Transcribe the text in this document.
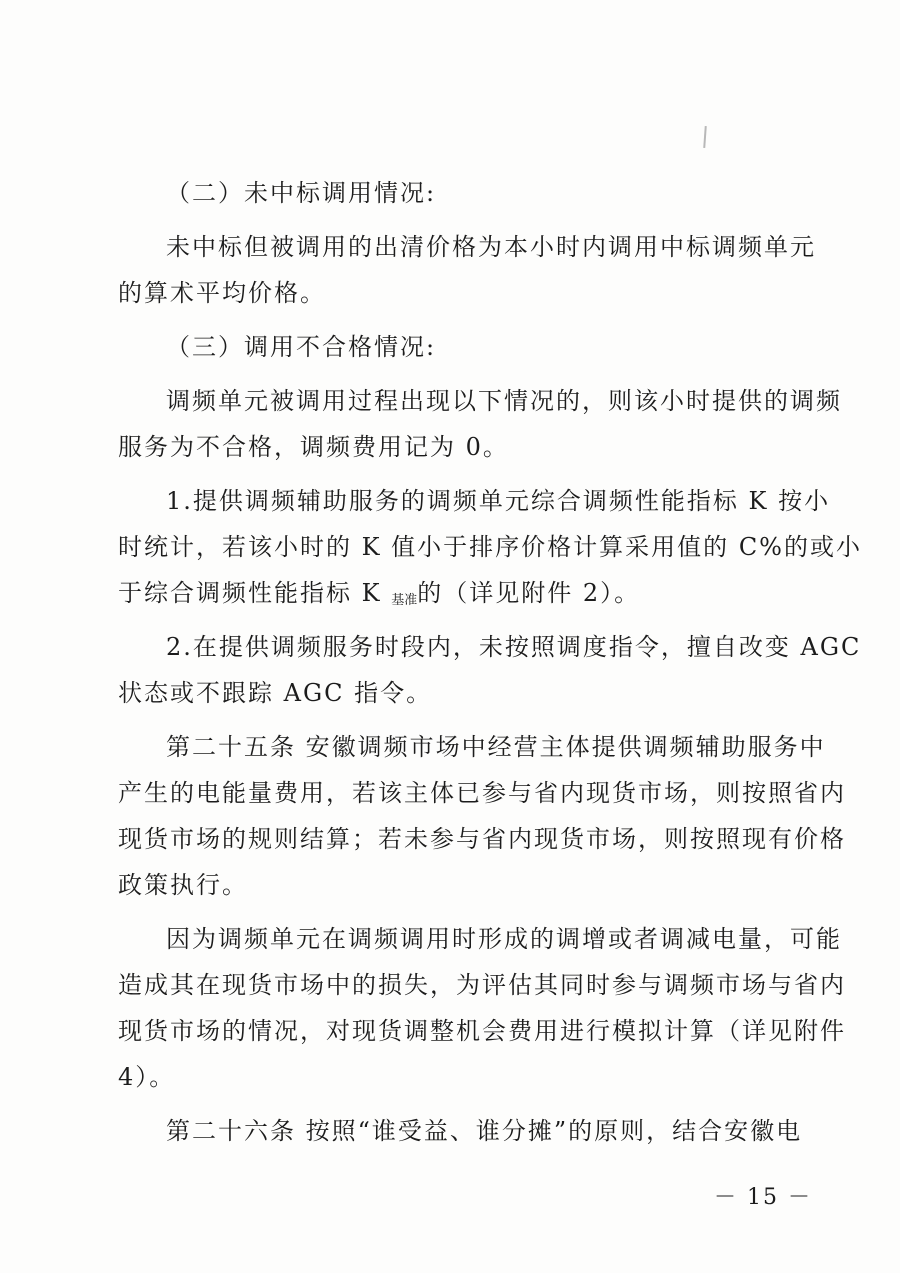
（二）未中标调用情况:
未中标但被调用的出清价格为本小时内调用中标调频单元
的算术平均价格。
（三）调用不合格情况:
调频单元被调用过程出现以下情况的，则该小时提供的调频
服务为不合格，调频费用记为 0。
1.提供调频辅助服务的调频单元综合调频性能指标 K 按小
时统计，若该小时的 K 值小于排序价格计算采用值的 C%的或小
于综合调频性能指标 K $_{基准}$的（详见附件 2）。
2.在提供调频服务时段内，未按照调度指令，擅自改变 AGC
状态或不跟踪 AGC 指令。
第二十五条 安徽调频市场中经营主体提供调频辅助服务中
产生的电能量费用，若该主体已参与省内现货市场，则按照省内
现货市场的规则结算；若未参与省内现货市场，则按照现有价格
政策执行。
因为调频单元在调频调用时形成的调增或者调减电量，可能
造成其在现货市场中的损失，为评估其同时参与调频市场与省内
现货市场的情况，对现货调整机会费用进行模拟计算（详见附件
4）。
第二十六条 按照“谁受益、谁分摊”的原则，结合安徽电
－ 15 －
